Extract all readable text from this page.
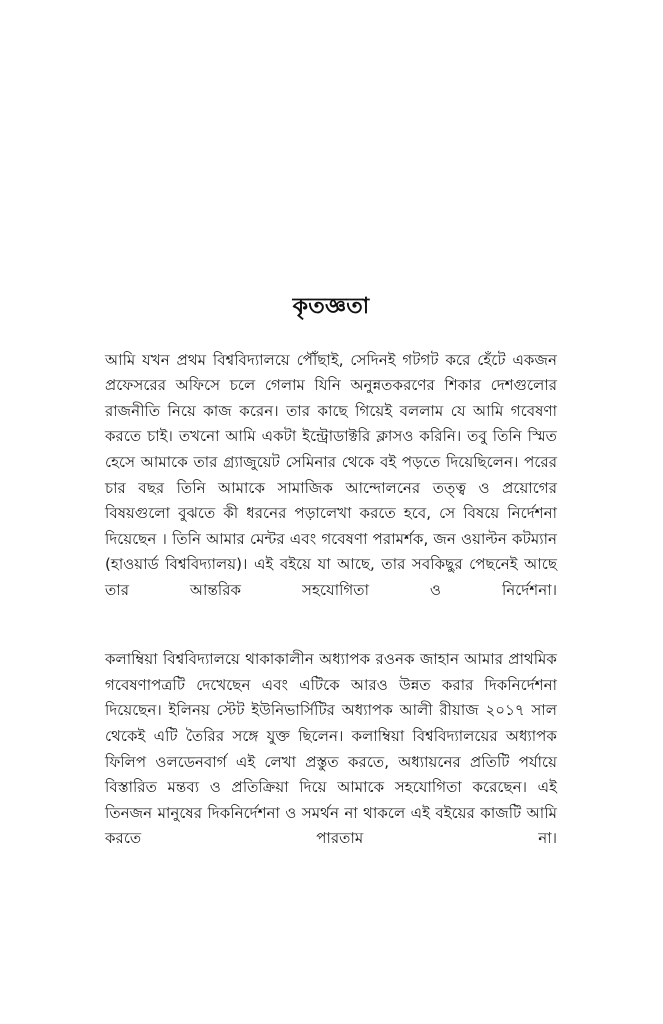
কৃতজ্ঞতা

আমি যখন প্রথম বিশ্ববিদ্যালয়ে পৌঁছাই, সেদিনই গটগট করে হেঁটে একজন প্রফেসরের অফিসে চলে গেলাম যিনি অনুন্নতকরণের শিকার দেশগুলোর রাজনীতি নিয়ে কাজ করেন। তার কাছে গিয়েই বললাম যে আমি গবেষণা করতে চাই। তখনো আমি একটা ইন্ট্রোডাক্টরি ক্লাসও করিনি। তবু তিনি স্মিত হেসে আমাকে তার গ্র্যাজুয়েট সেমিনার থেকে বই পড়তে দিয়েছিলেন। পরের চার বছর তিনি আমাকে সামাজিক আন্দোলনের তত্ত্ব ও প্রয়োগের বিষয়গুলো বুঝতে কী ধরনের পড়ালেখা করতে হবে, সে বিষয়ে নির্দেশনা দিয়েছেন । তিনি আমার মেন্টর এবং গবেষণা পরামর্শক, জন ওয়াল্টন কটম্যান (হাওয়ার্ড বিশ্ববিদ্যালয়)। এই বইয়ে যা আছে, তার সবকিছুর পেছনেই আছে তার আন্তরিক সহযোগিতা ও নির্দেশনা।

কলাম্বিয়া বিশ্ববিদ্যালয়ে থাকাকালীন অধ্যাপক রওনক জাহান আমার প্রাথমিক গবেষণাপত্রটি দেখেছেন এবং এটিকে আরও উন্নত করার দিকনির্দেশনা দিয়েছেন। ইলিনয় স্টেট ইউনিভার্সিটির অধ্যাপক আলী রীয়াজ ২০১৭ সাল থেকেই এটি তৈরির সঙ্গে যুক্ত ছিলেন। কলাম্বিয়া বিশ্ববিদ্যালয়ের অধ্যাপক ফিলিপ ওলডেনবার্গ এই লেখা প্রস্তুত করতে, অধ্যায়নের প্রতিটি পর্যায়ে বিস্তারিত মন্তব্য ও প্রতিক্রিয়া দিয়ে আমাকে সহযোগিতা করেছেন। এই তিনজন মানুষের দিকনির্দেশনা ও সমর্থন না থাকলে এই বইয়ের কাজটি আমি করতে পারতাম না।
